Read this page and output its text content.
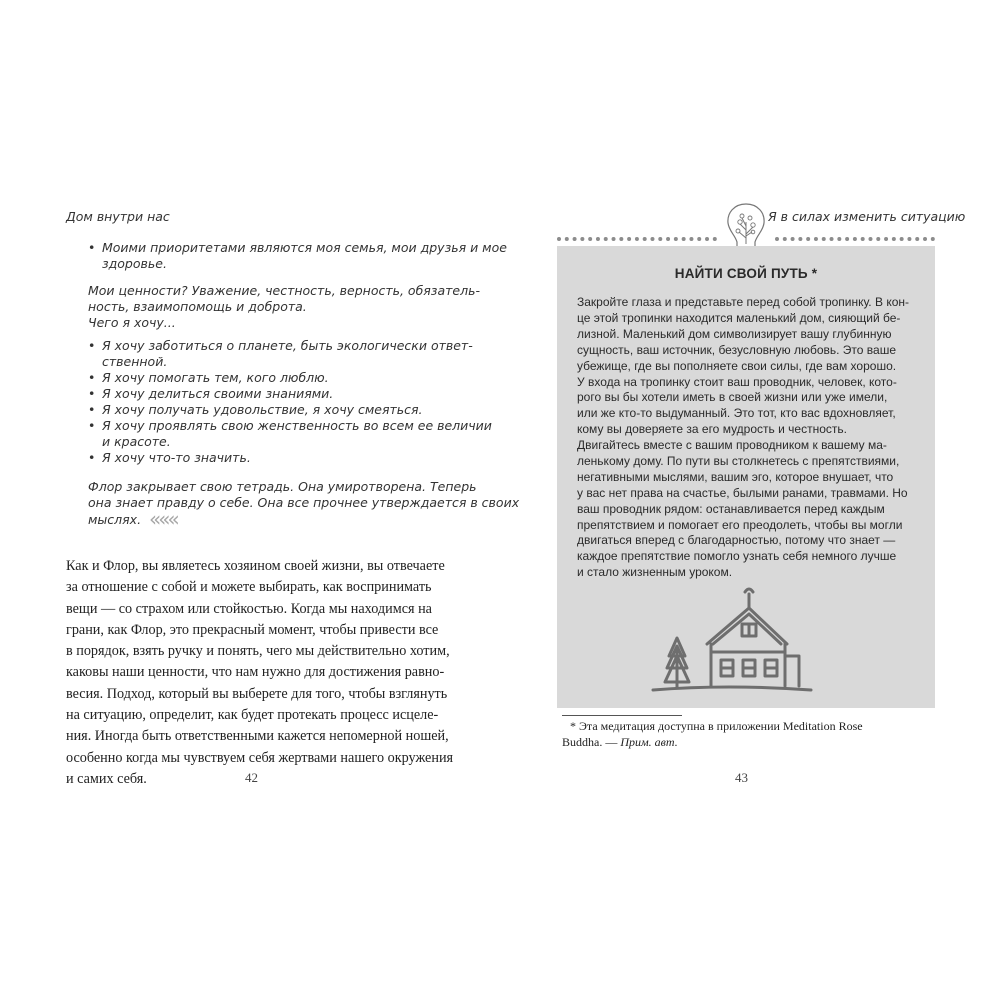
Дом внутри нас
• Моими приоритетами являются моя семья, мои друзья и мое
здоровье.
Мои ценности? Уважение, честность, верность, обязатель-
ность, взаимопомощь и доброта.
Чего я хочу...
• Я хочу заботиться о планете, быть экологически ответ-
ственной.
• Я хочу помогать тем, кого люблю.
• Я хочу делиться своими знаниями.
• Я хочу получать удовольствие, я хочу смеяться.
• Я хочу проявлять свою женственность во всем ее величии
и красоте.
• Я хочу что-то значить.
Флор закрывает свою тетрадь. Она умиротворена. Теперь
она знает правду о себе. Она все прочнее утверждается в своих
мыслях. «««
Как и Флор, вы являетесь хозяином своей жизни, вы отвечаете
за отношение с собой и можете выбирать, как воспринимать
вещи — со страхом или стойкостью. Когда мы находимся на
грани, как Флор, это прекрасный момент, чтобы привести все
в порядок, взять ручку и понять, чего мы действительно хотим,
каковы наши ценности, что нам нужно для достижения равно-
весия. Подход, который вы выберете для того, чтобы взглянуть
на ситуацию, определит, как будет протекать процесс исцеле-
ния. Иногда быть ответственными кажется непомерной ношей,
особенно когда мы чувствуем себя жертвами нашего окружения
и самих себя.	42
Я в силах изменить ситуацию
НАЙТИ СВОЙ ПУТЬ *
Закройте глаза и представьте перед собой тропинку. В кон-
це этой тропинки находится маленький дом, сияющий бе-
лизной. Маленький дом символизирует вашу глубинную
сущность, ваш источник, безусловную любовь. Это ваше
убежище, где вы пополняете свои силы, где вам хорошо.
У входа на тропинку стоит ваш проводник, человек, кото-
рого вы бы хотели иметь в своей жизни или уже имели,
или же кто-то выдуманный. Это тот, кто вас вдохновляет,
кому вы доверяете за его мудрость и честность.
Двигайтесь вместе с вашим проводником к вашему ма-
ленькому дому. По пути вы столкнетесь с препятствиями,
негативными мыслями, вашим эго, которое внушает, что
у вас нет права на счастье, былыми ранами, травмами. Но
ваш проводник рядом: останавливается перед каждым
препятствием и помогает его преодолеть, чтобы вы могли
двигаться вперед с благодарностью, потому что знает —
каждое препятствие помогло узнать себя немного лучше
и стало жизненным уроком.
* Эта медитация доступна в приложении Meditation Rose
Buddha. — Прим. авт.
43
